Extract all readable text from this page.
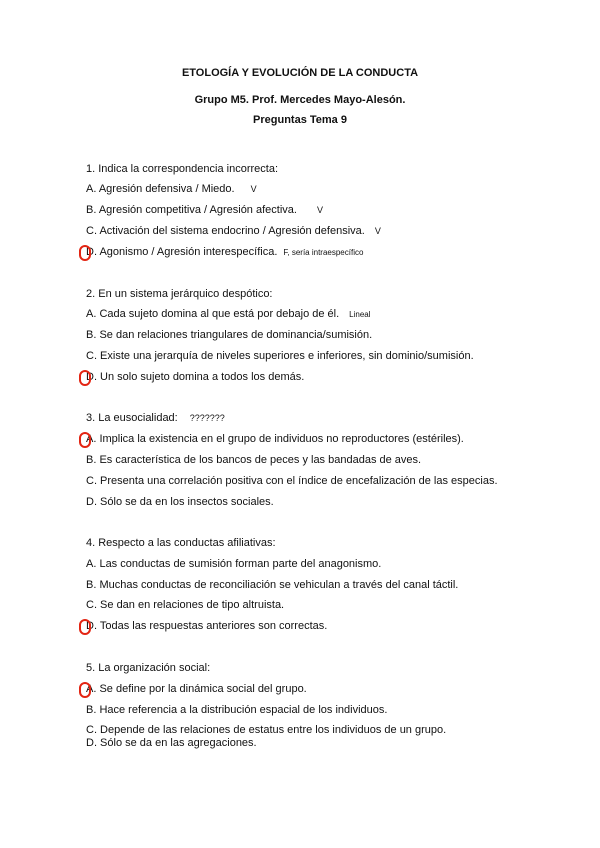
ETOLOGÍA Y EVOLUCIÓN DE LA CONDUCTA
Grupo M5. Prof. Mercedes Mayo-Alesón.
Preguntas Tema 9
1. Indica la correspondencia incorrecta:
A. Agresión defensiva / Miedo. V
B. Agresión competitiva / Agresión afectiva. V
C. Activación del sistema endocrino / Agresión defensiva. V
D. Agonismo / Agresión interespecífica. F, sería intraespecífico
2. En un sistema jerárquico despótico:
A. Cada sujeto domina al que está por debajo de él. Lineal
B. Se dan relaciones triangulares de dominancia/sumisión.
C. Existe una jerarquía de niveles superiores e inferiores, sin dominio/sumisión.
D. Un solo sujeto domina a todos los demás.
3. La eusocialidad: ???????
A. Implica la existencia en el grupo de individuos no reproductores (estériles).
B. Es característica de los bancos de peces y las bandadas de aves.
C. Presenta una correlación positiva con el índice de encefalización de las especias.
D. Sólo se da en los insectos sociales.
4. Respecto a las conductas afiliativas:
A. Las conductas de sumisión forman parte del anagonismo.
B. Muchas conductas de reconciliación se vehiculan a través del canal táctil.
C. Se dan en relaciones de tipo altruista.
D. Todas las respuestas anteriores son correctas.
5. La organización social:
A. Se define por la dinámica social del grupo.
B. Hace referencia a la distribución espacial de los individuos.
C. Depende de las relaciones de estatus entre los individuos de un grupo.
D. Sólo se da en las agregaciones.
